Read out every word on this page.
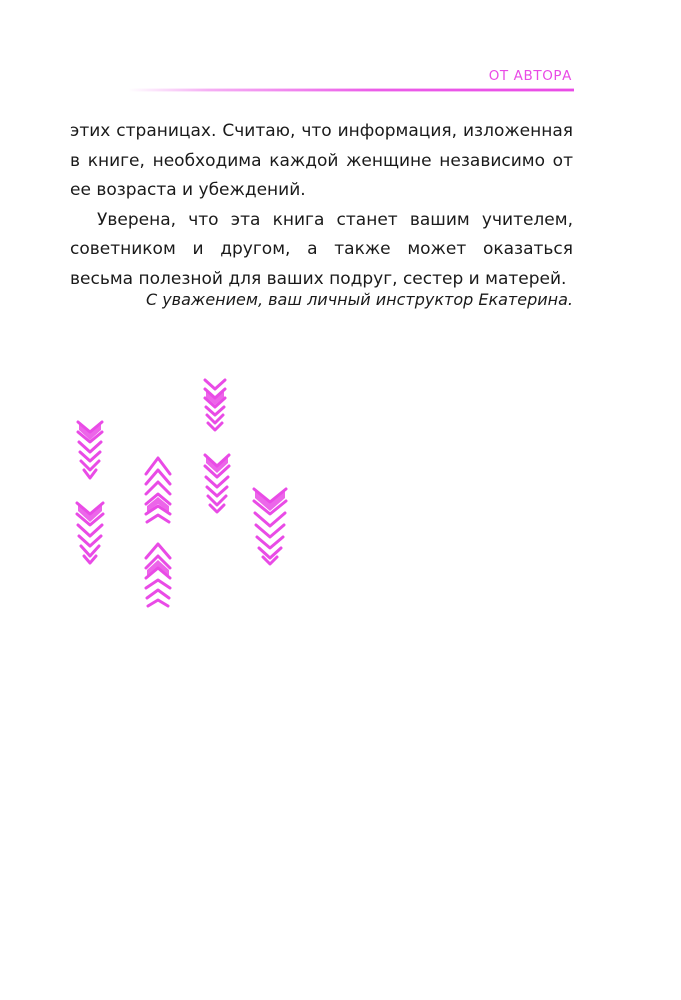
ОТ АВТОРА

этих страницах. Считаю, что информация, изложенная в книге, необходима каждой женщине независимо от ее возраста и убеждений.

Уверена, что эта книга станет вашим учителем, советником и другом, а также может оказаться весьма полезной для ваших подруг, сестер и матерей.

С уважением, ваш личный инструктор Екатерина.
